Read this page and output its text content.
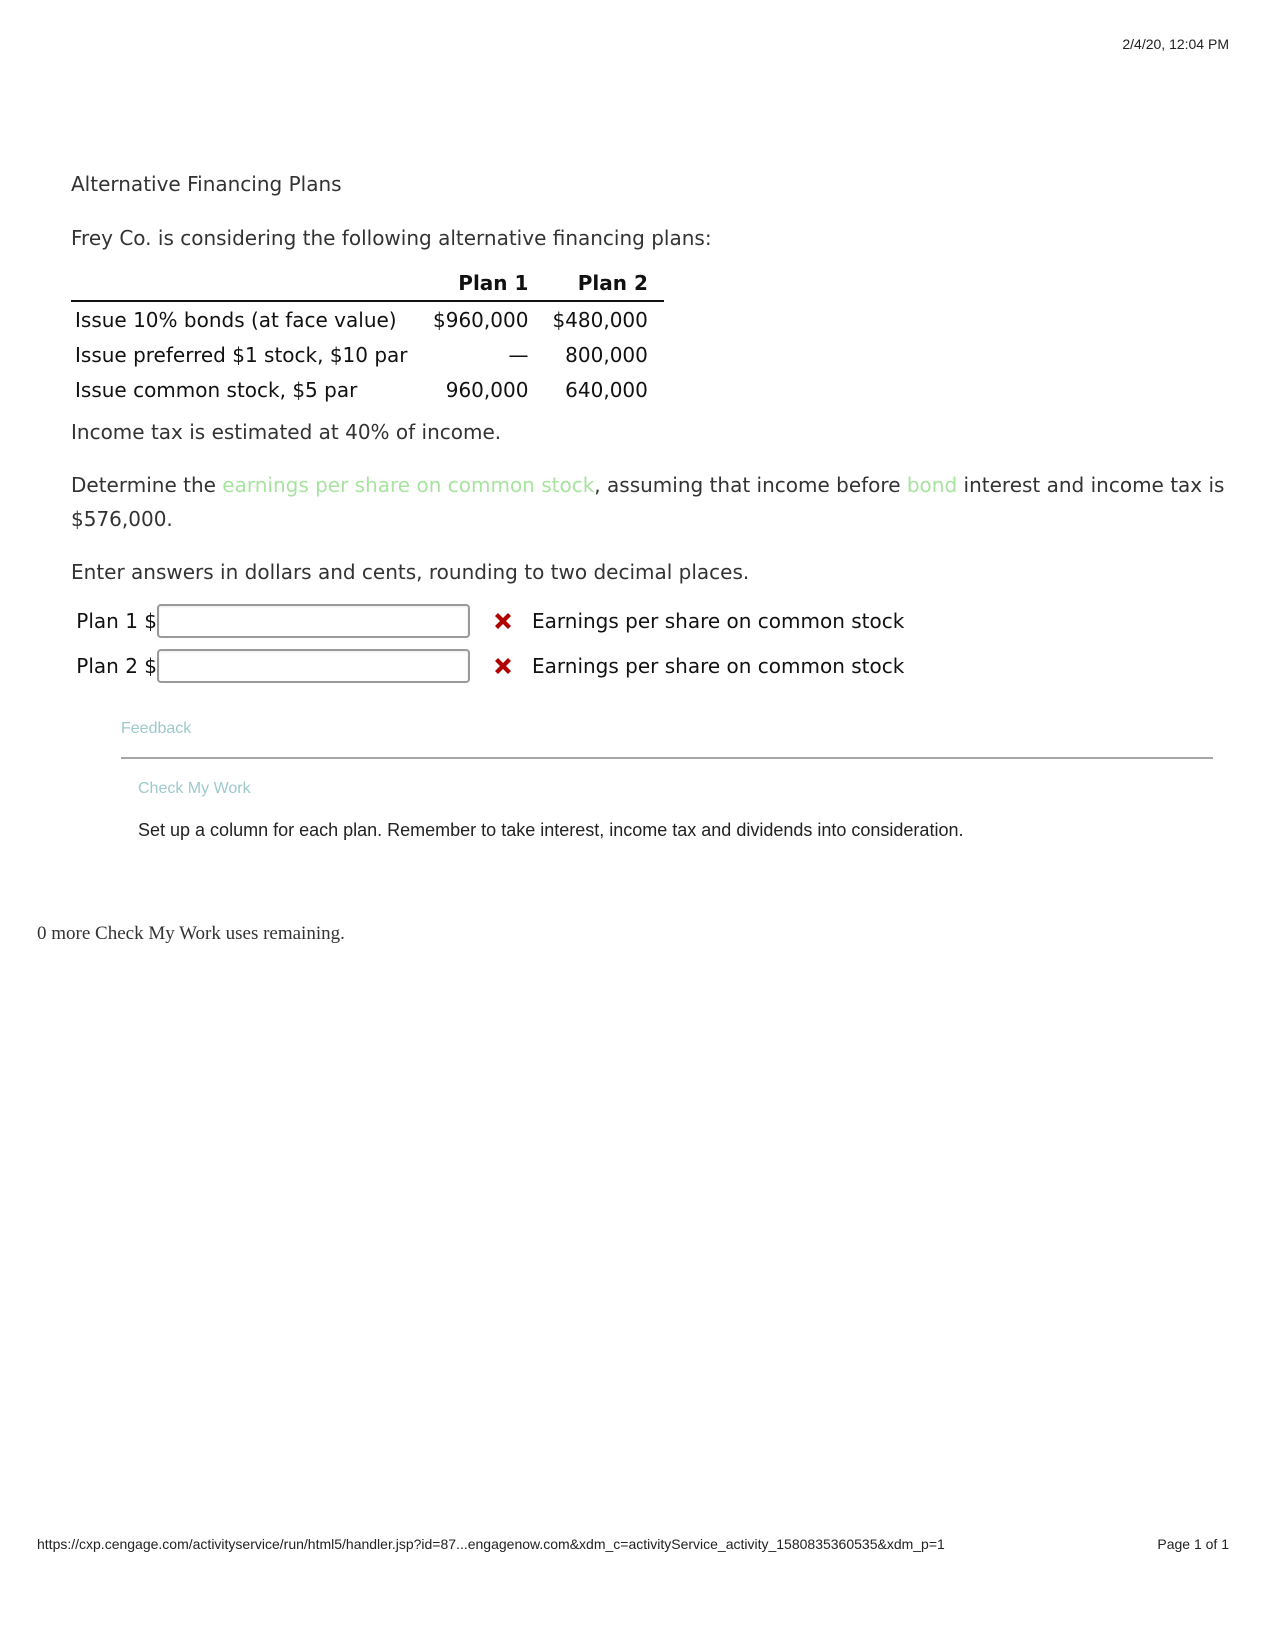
2/4/20, 12:04 PM
Alternative Financing Plans
Frey Co. is considering the following alternative financing plans:
	Plan 1	Plan 2
Issue 10% bonds (at face value)	$960,000	$480,000
Issue preferred $1 stock, $10 par	—	800,000
Issue common stock, $5 par	960,000	640,000
Income tax is estimated at 40% of income.
Determine the earnings per share on common stock, assuming that income before bond interest and income tax is
$576,000.
Enter answers in dollars and cents, rounding to two decimal places.
Plan 1 $	Earnings per share on common stock
Plan 2 $	Earnings per share on common stock
Feedback
Check My Work
Set up a column for each plan. Remember to take interest, income tax and dividends into consideration.
0 more Check My Work uses remaining.
https://cxp.cengage.com/activityservice/run/html5/handler.jsp?id=87...engagenow.com&xdm_c=activityService_activity_1580835360535&xdm_p=1	Page 1 of 1
